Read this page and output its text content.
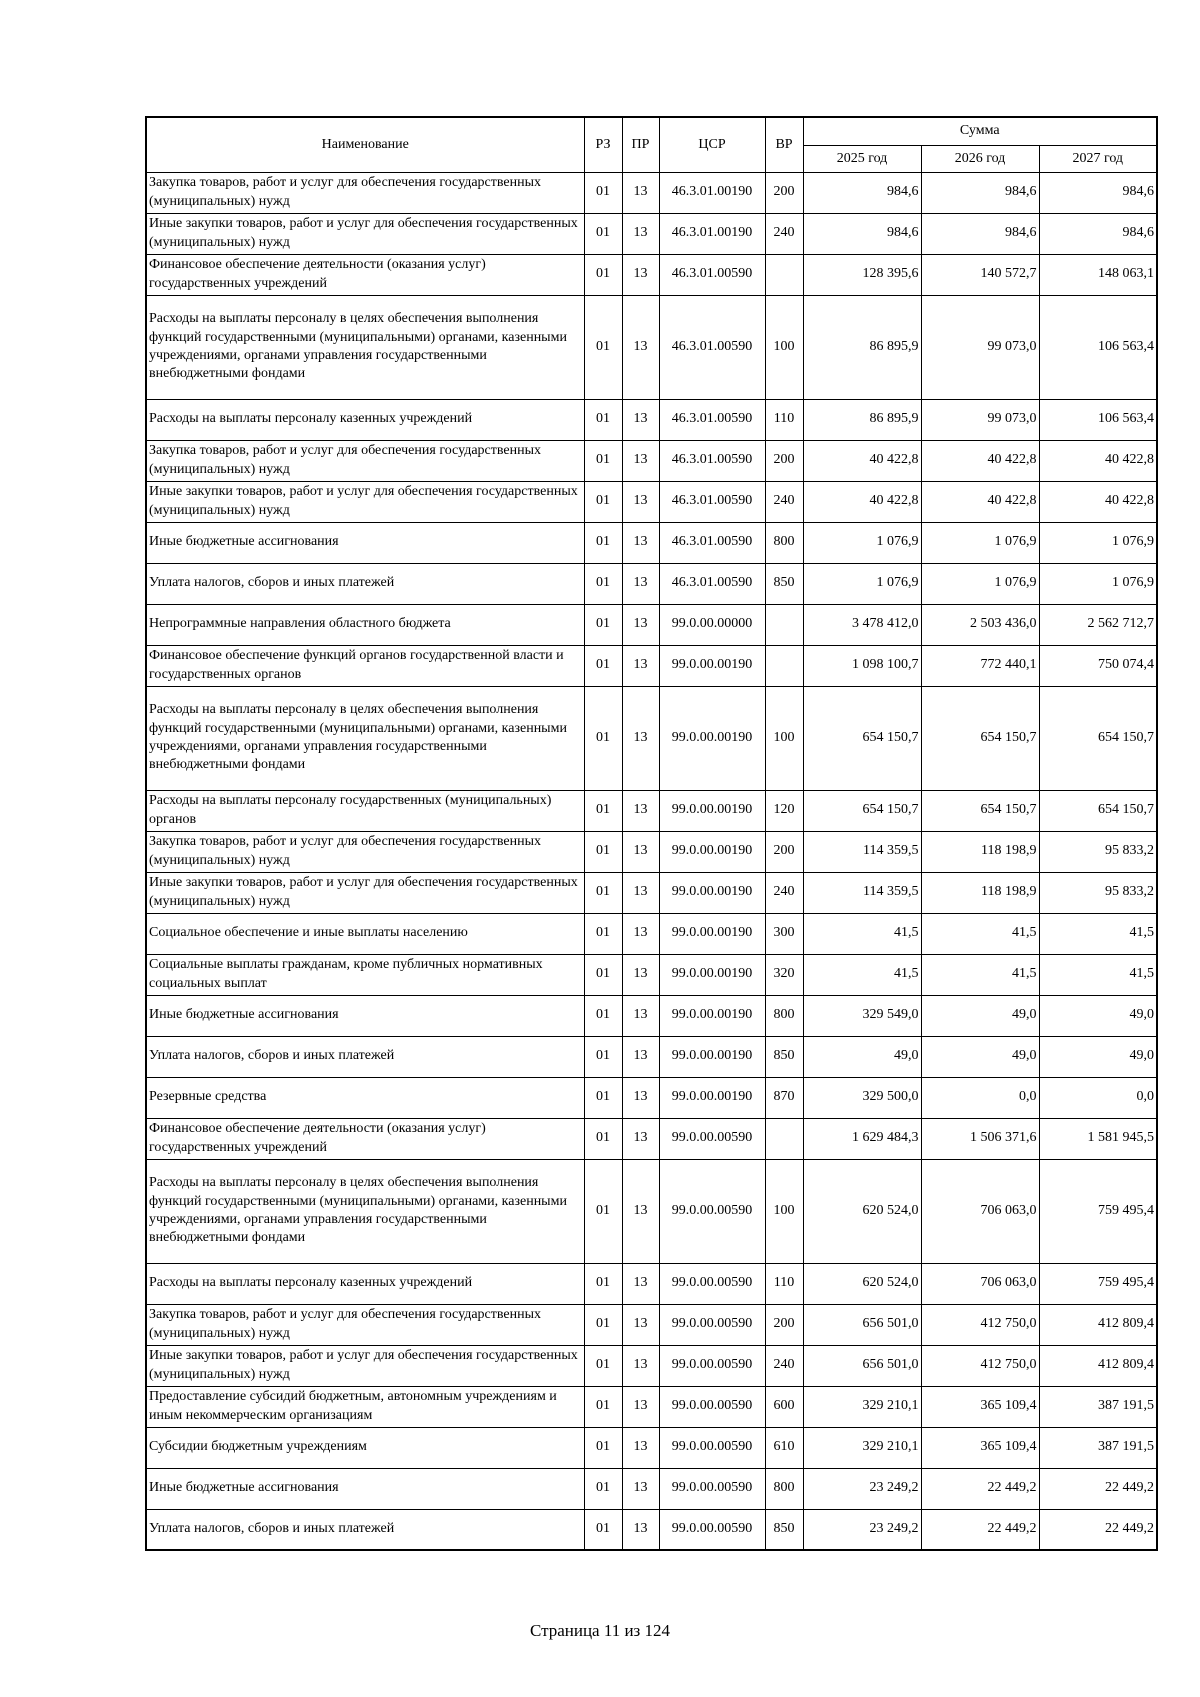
Наименование	РЗ	ПР	ЦСР	ВР	Сумма		
					2025 год	2026 год	2027 год
Закупка товаров, работ и услуг для обеспечения государственных (муниципальных) нужд	01	13	46.3.01.00190	200	984,6	984,6	984,6
Иные закупки товаров, работ и услуг для обеспечения государственных (муниципальных) нужд	01	13	46.3.01.00190	240	984,6	984,6	984,6
Финансовое обеспечение деятельности (оказания услуг) государственных учреждений	01	13	46.3.01.00590		128 395,6	140 572,7	148 063,1
Расходы на выплаты персоналу в целях обеспечения выполнения функций государственными (муниципальными) органами, казенными учреждениями, органами управления государственными внебюджетными фондами	01	13	46.3.01.00590	100	86 895,9	99 073,0	106 563,4
Расходы на выплаты персоналу казенных учреждений	01	13	46.3.01.00590	110	86 895,9	99 073,0	106 563,4
Закупка товаров, работ и услуг для обеспечения государственных (муниципальных) нужд	01	13	46.3.01.00590	200	40 422,8	40 422,8	40 422,8
Иные закупки товаров, работ и услуг для обеспечения государственных (муниципальных) нужд	01	13	46.3.01.00590	240	40 422,8	40 422,8	40 422,8
Иные бюджетные ассигнования	01	13	46.3.01.00590	800	1 076,9	1 076,9	1 076,9
Уплата налогов, сборов и иных платежей	01	13	46.3.01.00590	850	1 076,9	1 076,9	1 076,9
Непрограммные направления областного бюджета	01	13	99.0.00.00000		3 478 412,0	2 503 436,0	2 562 712,7
Финансовое обеспечение функций органов государственной власти и государственных органов	01	13	99.0.00.00190		1 098 100,7	772 440,1	750 074,4
Расходы на выплаты персоналу в целях обеспечения выполнения функций государственными (муниципальными) органами, казенными учреждениями, органами управления государственными внебюджетными фондами	01	13	99.0.00.00190	100	654 150,7	654 150,7	654 150,7
Расходы на выплаты персоналу государственных (муниципальных) органов	01	13	99.0.00.00190	120	654 150,7	654 150,7	654 150,7
Закупка товаров, работ и услуг для обеспечения государственных (муниципальных) нужд	01	13	99.0.00.00190	200	114 359,5	118 198,9	95 833,2
Иные закупки товаров, работ и услуг для обеспечения государственных (муниципальных) нужд	01	13	99.0.00.00190	240	114 359,5	118 198,9	95 833,2
Социальное обеспечение и иные выплаты населению	01	13	99.0.00.00190	300	41,5	41,5	41,5
Социальные выплаты гражданам, кроме публичных нормативных социальных выплат	01	13	99.0.00.00190	320	41,5	41,5	41,5
Иные бюджетные ассигнования	01	13	99.0.00.00190	800	329 549,0	49,0	49,0
Уплата налогов, сборов и иных платежей	01	13	99.0.00.00190	850	49,0	49,0	49,0
Резервные средства	01	13	99.0.00.00190	870	329 500,0	0,0	0,0
Финансовое обеспечение деятельности (оказания услуг) государственных учреждений	01	13	99.0.00.00590		1 629 484,3	1 506 371,6	1 581 945,5
Расходы на выплаты персоналу в целях обеспечения выполнения функций государственными (муниципальными) органами, казенными учреждениями, органами управления государственными внебюджетными фондами	01	13	99.0.00.00590	100	620 524,0	706 063,0	759 495,4
Расходы на выплаты персоналу казенных учреждений	01	13	99.0.00.00590	110	620 524,0	706 063,0	759 495,4
Закупка товаров, работ и услуг для обеспечения государственных (муниципальных) нужд	01	13	99.0.00.00590	200	656 501,0	412 750,0	412 809,4
Иные закупки товаров, работ и услуг для обеспечения государственных (муниципальных) нужд	01	13	99.0.00.00590	240	656 501,0	412 750,0	412 809,4
Предоставление субсидий бюджетным, автономным учреждениям и иным некоммерческим организациям	01	13	99.0.00.00590	600	329 210,1	365 109,4	387 191,5
Субсидии бюджетным учреждениям	01	13	99.0.00.00590	610	329 210,1	365 109,4	387 191,5
Иные бюджетные ассигнования	01	13	99.0.00.00590	800	23 249,2	22 449,2	22 449,2
Уплата налогов, сборов и иных платежей	01	13	99.0.00.00590	850	23 249,2	22 449,2	22 449,2
Страница 11 из 124
